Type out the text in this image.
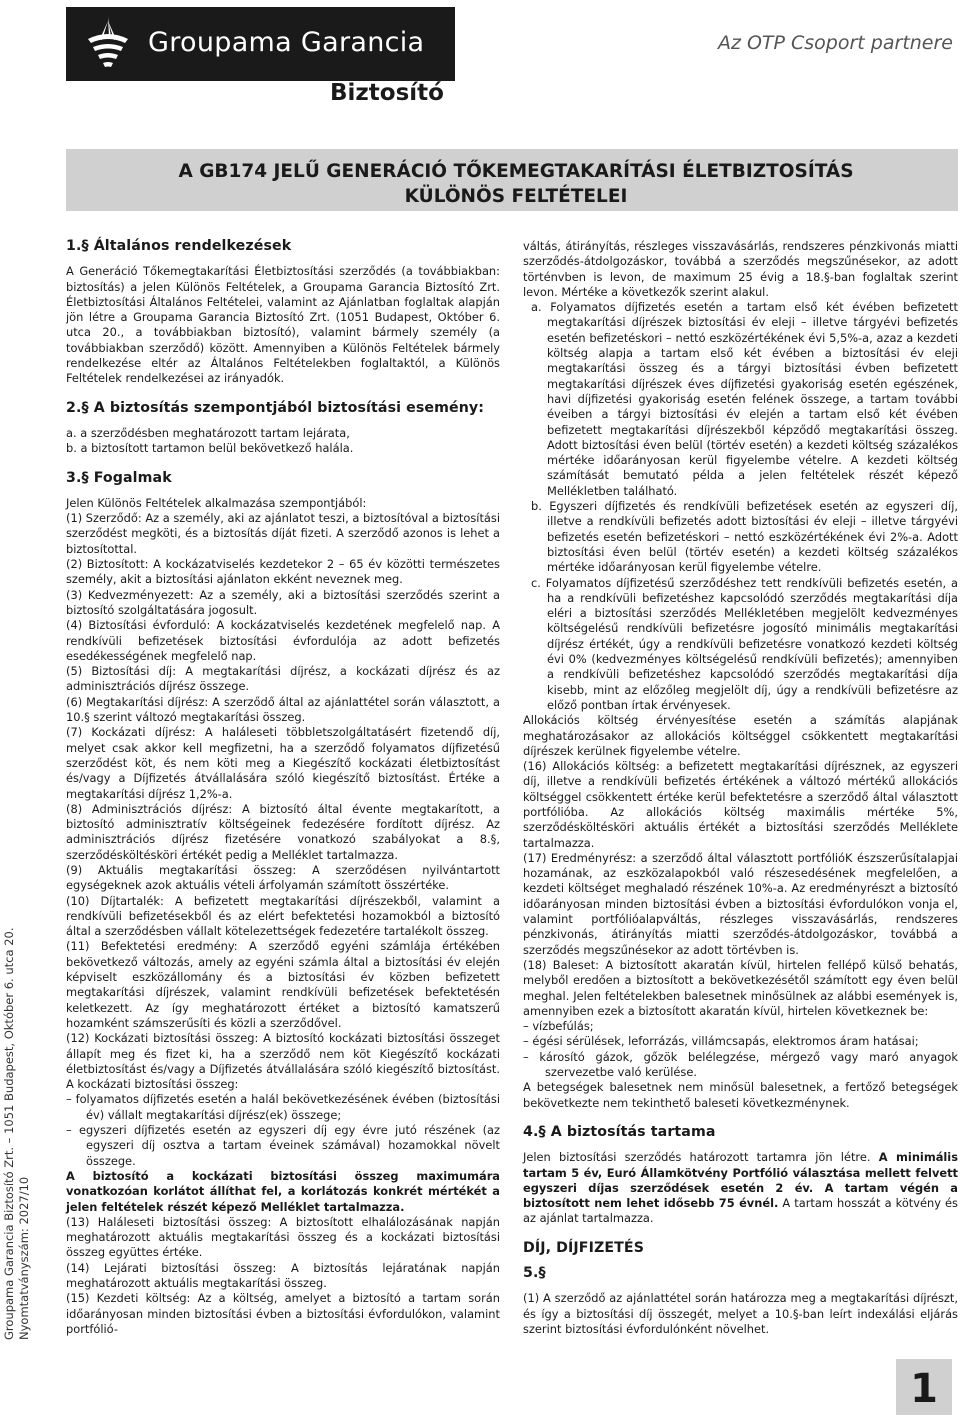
Groupama Garancia	Az OTP Csoport partnere
Biztosító
A GB174 JELŰ GENERÁCIÓ TŐKEMEGTAKARÍTÁSI ÉLETBIZTOSÍTÁS
KÜLÖNÖS FELTÉTELEI
Groupama Garancia Biztosító Zrt. – 1051 Budapest, Október 6. utca 20. Nyomtatványszám: 2027/10
1.§ Általános rendelkezések

A Generáció Tőkemegtakarítási Életbiztosítási szerződés (a továbbiakban: biztosítás) a jelen Különös Feltételek, a Groupama Garancia Biztosító Zrt. Életbiztosítási Általános Feltételei, valamint az Ajánlatban foglaltak alapján jön létre a Groupama Garancia Biztosító Zrt. (1051 Budapest, Október 6. utca 20., a továbbiakban biztosító), valamint bármely személy (a továbbiakban szerződő) között. Amennyiben a Különös Feltételek bármely rendelkezése eltér az Általános Feltételekben foglaltaktól, a Különös Feltételek rendelkezései az irányadók.

2.§ A biztosítás szempontjából biztosítási esemény:

a. a szerződésben meghatározott tartam lejárata,

b. a biztosított tartamon belül bekövetkező halála.

3.§ Fogalmak

Jelen Különös Feltételek alkalmazása szempontjából:

(1) Szerződő: Az a személy, aki az ajánlatot teszi, a biztosítóval a biztosítási szerződést megköti, és a biztosítás díját fizeti. A szerződő azonos is lehet a biztosítottal.

(2) Biztosított: A kockázatviselés kezdetekor 2 – 65 év közötti természetes személy, akit a biztosítási ajánlaton ekként neveznek meg.

(3) Kedvezményezett: Az a személy, aki a biztosítási szerződés szerint a biztosító szolgáltatására jogosult.

(4) Biztosítási évforduló: A kockázatviselés kezdetének megfelelő nap. A rendkívüli befizetések biztosítási évfordulója az adott befizetés esedékességének megfelelő nap.

(5) Biztosítási díj: A megtakarítási díjrész, a kockázati díjrész és az adminisztrációs díjrész összege.

(6) Megtakarítási díjrész: A szerződő által az ajánlattétel során választott, a 10.§ szerint változó megtakarítási összeg.

(7) Kockázati díjrész: A haláleseti többletszolgáltatásért fizetendő díj, melyet csak akkor kell megfizetni, ha a szerződő folyamatos díjfizetésű szerződést köt, és nem köti meg a Kiegészítő kockázati életbiztosítást és/vagy a Díjfizetés átvállalására szóló kiegészítő biztosítást. Értéke a megtakarítási díjrész 1,2%-a.

(8) Adminisztrációs díjrész: A biztosító által évente megtakarított, a biztosító adminisztratív költségeinek fedezésére fordított díjrész. Az adminisztrációs díjrész fizetésére vonatkozó szabályokat a 8.§, szerződésköltésköri értékét pedig a Melléklet tartalmazza.

(9) Aktuális megtakarítási összeg: A szerződésen nyilvántartott egységeknek azok aktuális vételi árfolyamán számított összértéke.

(10) Díjtartalék: A befizetett megtakarítási díjrészekből, valamint a rendkívüli befizetésekből és az elért befektetési hozamokból a biztosító által a szerződésben vállalt kötelezettségek fedezetére tartalékolt összeg.

(11) Befektetési eredmény: A szerződő egyéni számlája értékében bekövetkező változás, amely az egyéni számla által a biztosítási év elején képviselt eszközállomány és a biztosítási év közben befizetett megtakarítási díjrészek, valamint rendkívüli befizetések befektetésén keletkezett. Az így meghatározott értéket a biztosító kamatszerű hozamként számszerűsíti és közli a szerződővel.

(12) Kockázati biztosítási összeg: A biztosító kockázati biztosítási összeget állapít meg és fizet ki, ha a szerződő nem köt Kiegészítő kockázati életbiztosítást és/vagy a Díjfizetés átvállalására szóló kiegészítő biztosítást. A kockázati biztosítási összeg:

– folyamatos díjfizetés esetén a halál bekövetkezésének évében (biztosítási év) vállalt megtakarítási díjrész(ek) összege;

– egyszeri díjfizetés esetén az egyszeri díj egy évre jutó részének (az egyszeri díj osztva a tartam éveinek számával) hozamokkal növelt összege.

A biztosító a kockázati biztosítási összeg maximumára vonatkozóan korlátot állíthat fel, a korlátozás konkrét mértékét a jelen feltételek részét képező Melléklet tartalmazza.

(13) Haláleseti biztosítási összeg: A biztosított elhalálozásának napján meghatározott aktuális megtakarítási összeg és a kockázati biztosítási összeg együttes értéke.

(14) Lejárati biztosítási összeg: A biztosítás lejáratának napján meghatározott aktuális megtakarítási összeg.

(15) Kezdeti költség: Az a költség, amelyet a biztosító a tartam során időarányosan minden biztosítási évben a biztosítási évfordulókon, valamint portfólió-

váltás, átirányítás, részleges visszavásárlás, rendszeres pénzkivonás miatti szerződés-átdolgozáskor, továbbá a szerződés megszűnésekor, az adott történvben is levon, de maximum 25 évig a 18.§-ban foglaltak szerint levon. Mértéke a következők szerint alakul.

a. Folyamatos díjfizetés esetén a tartam első két évében befizetett megtakarítási díjrészek biztosítási év eleji – illetve tárgyévi befizetés esetén befizetéskori – nettó eszközértékének évi 5,5%-a, azaz a kezdeti költség alapja a tartam első két évében a biztosítási év eleji megtakarítási összeg és a tárgyi biztosítási évben befizetett megtakarítási díjrészek éves díjfizetési gyakoriság esetén egészének, havi díjfizetési gyakoriság esetén felének összege, a tartam további éveiben a tárgyi biztosítási év elején a tartam első két évében befizetett megtakarítási díjrészekből képződő megtakarítási összeg. Adott biztosítási éven belül (törtév esetén) a kezdeti költség százalékos mértéke időarányosan kerül figyelembe vételre. A kezdeti költség számítását bemutató példa a jelen feltételek részét képező Mellékletben található.

b. Egyszeri díjfizetés és rendkívüli befizetések esetén az egyszeri díj, illetve a rendkívüli befizetés adott biztosítási év eleji – illetve tárgyévi befizetés esetén befizetéskori – nettó eszközértékének évi 2%-a. Adott biztosítási éven belül (törtév esetén) a kezdeti költség százalékos mértéke időarányosan kerül figyelembe vételre.

c. Folyamatos díjfizetésű szerződéshez tett rendkívüli befizetés esetén, a ha a rendkívüli befizetéshez kapcsolódó szerződés megtakarítási díja eléri a biztosítási szerződés Mellékletében megjelölt kedvezményes költségelésű rendkívüli befizetésre jogosító minimális megtakarítási díjrész értékét, úgy a rendkívüli befizetésre vonatkozó kezdeti költség évi 0% (kedvezményes költségelésű rendkívüli befizetés); amennyiben a rendkívüli befizetéshez kapcsolódó szerződés megtakarítási díja kisebb, mint az előzőleg megjelölt díj, úgy a rendkívüli befizetésre az előző pontban írtak érvényesek.

Allokációs költség érvényesítése esetén a számítás alapjának meghatározásakor az allokációs költséggel csökkentett megtakarítási díjrészek kerülnek figyelembe vételre.

(16) Allokációs költség: a befizetett megtakarítási díjrésznek, az egyszeri díj, illetve a rendkívüli befizetés értékének a változó mértékű allokációs költséggel csökkentett értéke kerül befektetésre a szerződő által választott portfólióba. Az allokációs költség maximális mértéke 5%, szerződésköltésköri aktuális értékét a biztosítási szerződés Melléklete tartalmazza.

(17) Eredményrész: a szerződő által választott portfólióK észszerűsítalapjai hozamának, az eszközalapokból való részesedésének megfelelően, a kezdeti költséget meghaladó részének 10%-a. Az eredményrészt a biztosító időarányosan minden biztosítási évben a biztosítási évfordulókon vonja el, valamint portfólióalapváltás, részleges visszavásárlás, rendszeres pénzkivonás, átirányítás miatti szerződés-átdolgozáskor, továbbá a szerződés megszűnésekor az adott törtévben is.

(18) Baleset: A biztosított akaratán kívül, hirtelen fellépő külső behatás, melyből eredően a biztosított a bekövetkezésétől számított egy éven belül meghal. Jelen feltételekben balesetnek minősülnek az alábbi események is, amennyiben ezek a biztosított akaratán kívül, hirtelen következnek be:

– vízbefúlás;

– égési sérülések, leforrázás, villámcsapás, elektromos áram hatásai;

– károsító gázok, gőzök belélegzése, mérgező vagy maró anyagok szervezetbe való kerülése.

A betegségek balesetnek nem minősül balesetnek, a fertőző betegségek bekövetkezte nem tekinthető baleseti következménynek.

4.§ A biztosítás tartama

Jelen biztosítási szerződés határozott tartamra jön létre. A minimális tartam 5 év, Euró Államkötvény Portfólió választása mellett felvett egyszeri díjas szerződések esetén 2 év. A tartam végén a biztosított nem lehet idősebb 75 évnél. A tartam hosszát a kötvény és az ajánlat tartalmazza.

DÍJ, DÍJFIZETÉS
5.§

(1) A szerződő az ajánlattétel során határozza meg a megtakarítási díjrészt, és így a biztosítási díj összegét, melyet a 10.§-ban leírt indexálási eljárás szerint biztosítási évfordulónként növelhet.

1
